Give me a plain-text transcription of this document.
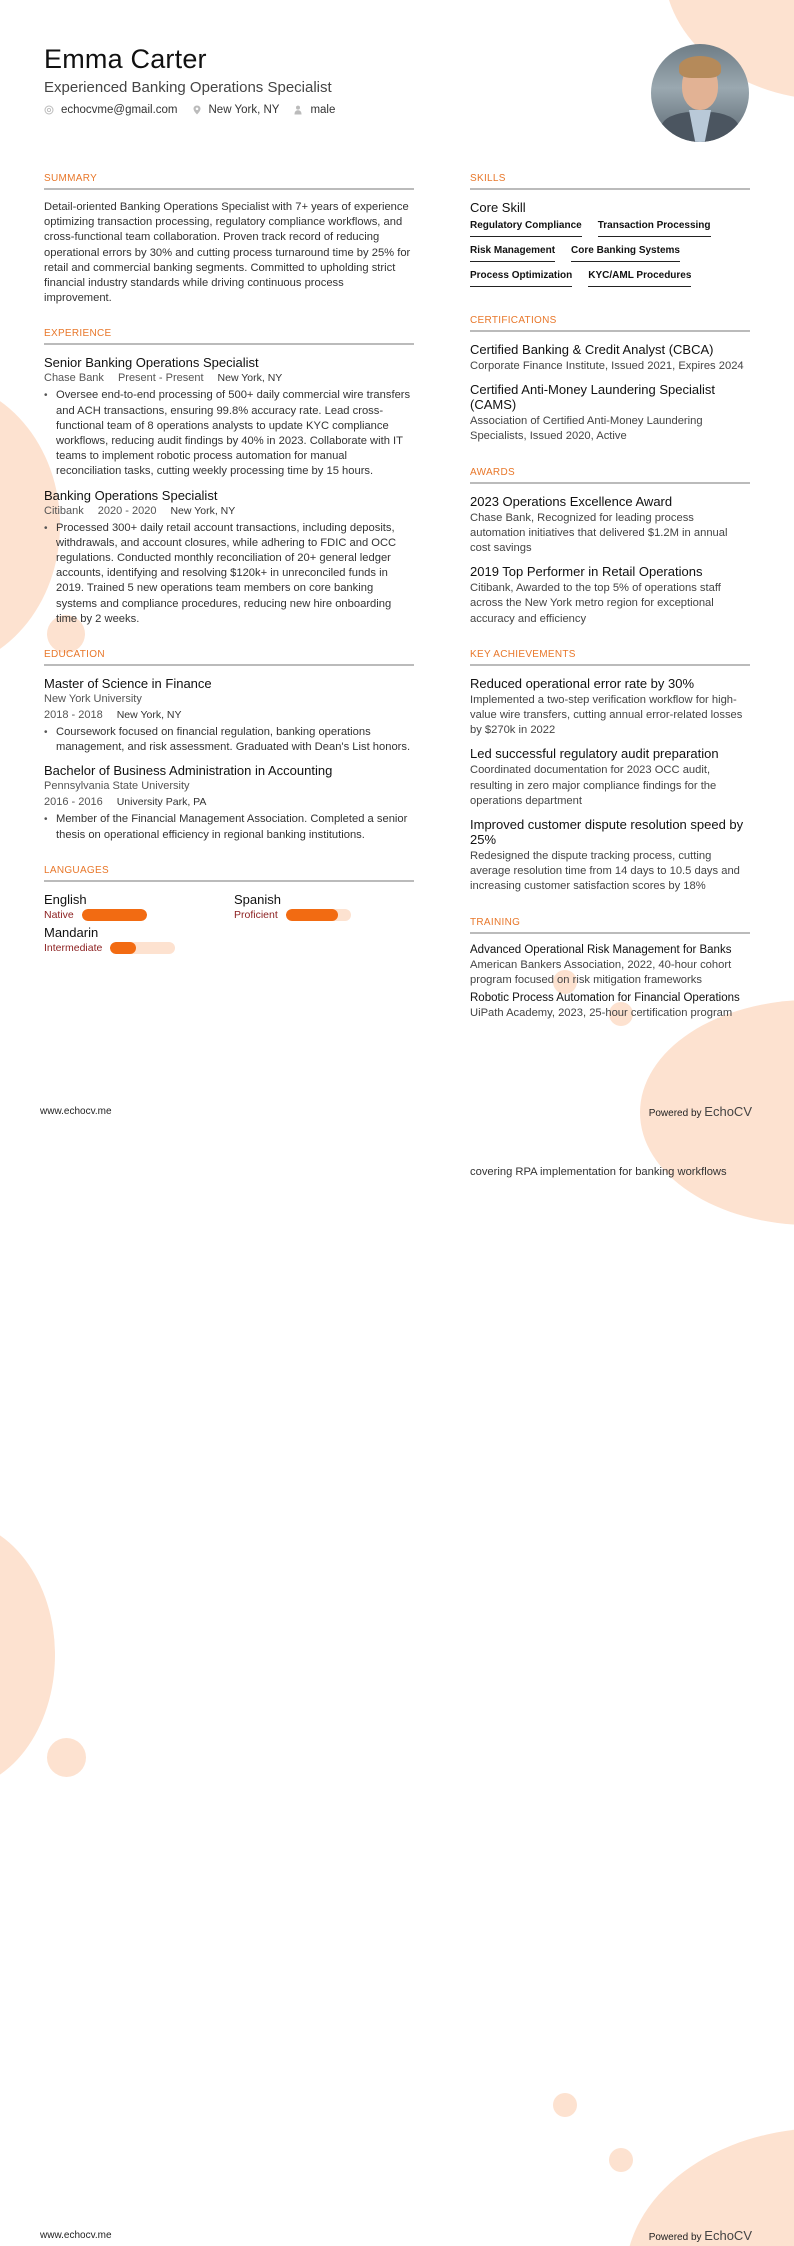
Emma Carter
Experienced Banking Operations Specialist
echocvme@gmail.com	New York, NY	male
SUMMARY

Detail-oriented Banking Operations Specialist with 7+ years of experience optimizing transaction processing, regulatory compliance workflows, and cross-functional team collaboration. Proven track record of reducing operational errors by 30% and cutting process turnaround time by 25% for retail and commercial banking segments. Committed to upholding strict financial industry standards while driving continuous process improvement.

EXPERIENCE
Senior Banking Operations Specialist
Chase Bank Present - Present New York, NY
• Oversee end-to-end processing of 500+ daily commercial wire transfers and ACH transactions, ensuring 99.8% accuracy rate. Lead cross-functional team of 8 operations analysts to update KYC compliance workflows, reducing audit findings by 40% in 2023. Collaborate with IT teams to implement robotic process automation for manual reconciliation tasks, cutting weekly processing time by 15 hours.
Banking Operations Specialist
Citibank 2020 - 2020 New York, NY
• Processed 300+ daily retail account transactions, including deposits, withdrawals, and account closures, while adhering to FDIC and OCC regulations. Conducted monthly reconciliation of 20+ general ledger accounts, identifying and resolving $120k+ in unreconciled funds in 2019. Trained 5 new operations team members on core banking systems and compliance procedures, reducing new hire onboarding time by 2 weeks.
EDUCATION
Master of Science in Finance
New York University
2018 - 2018 New York, NY
• Coursework focused on financial regulation, banking operations management, and risk assessment. Graduated with Dean's List honors.
Bachelor of Business Administration in Accounting
Pennsylvania State University
2016 - 2016 University Park, PA
• Member of the Financial Management Association. Completed a senior thesis on operational efficiency in regional banking institutions.
LANGUAGES
English
Native
Spanish
Proficient
Mandarin
Intermediate
SKILLS
Core Skill
Regulatory Compliance Transaction Processing
Risk Management Core Banking Systems
Process Optimization KYC/AML Procedures
CERTIFICATIONS
Certified Banking & Credit Analyst (CBCA)
Corporate Finance Institute, Issued 2021, Expires 2024
Certified Anti-Money Laundering Specialist (CAMS)
Association of Certified Anti-Money Laundering Specialists, Issued 2020, Active
AWARDS
2023 Operations Excellence Award
Chase Bank, Recognized for leading process automation initiatives that delivered $1.2M in annual cost savings
2019 Top Performer in Retail Operations
Citibank, Awarded to the top 5% of operations staff across the New York metro region for exceptional accuracy and efficiency
KEY ACHIEVEMENTS
Reduced operational error rate by 30%
Implemented a two-step verification workflow for high-value wire transfers, cutting annual error-related losses by $270k in 2022
Led successful regulatory audit preparation
Coordinated documentation for 2023 OCC audit, resulting in zero major compliance findings for the operations department
Improved customer dispute resolution speed by 25%
Redesigned the dispute tracking process, cutting average resolution time from 14 days to 10.5 days and increasing customer satisfaction scores by 18%
TRAINING
Advanced Operational Risk Management for Banks
American Bankers Association, 2022, 40-hour cohort program focused on risk mitigation frameworks
Robotic Process Automation for Financial Operations
UiPath Academy, 2023, 25-hour certification program
www.echocv.me	Powered by EchoCV
covering RPA implementation for banking workflows
www.echocv.me	Powered by EchoCV
